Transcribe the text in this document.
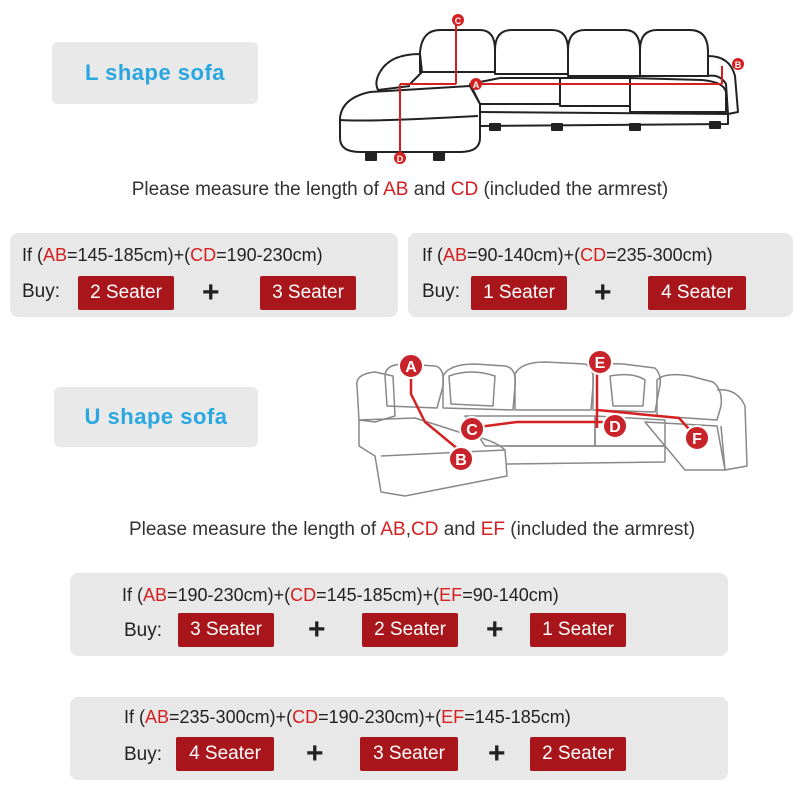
L shape sofa	A
B
C
D
Please measure the length of AB and CD (included the armrest)
If (AB=145-185cm)+(CD=190-230cm)
Buy:	2 Seater	+	3 Seater
If (AB=90-140cm)+(CD=235-300cm)
Buy:	1 Seater	+	4 Seater
U shape sofa
A
B
C	D
E
F
Please measure the length of AB,CD and EF (included the armrest)
If (AB=190-230cm)+(CD=145-185cm)+(EF=90-140cm)
Buy:	3 Seater	+	2 Seater	+	1 Seater
If (AB=235-300cm)+(CD=190-230cm)+(EF=145-185cm)
Buy:	4 Seater	+	3 Seater	+	2 Seater
